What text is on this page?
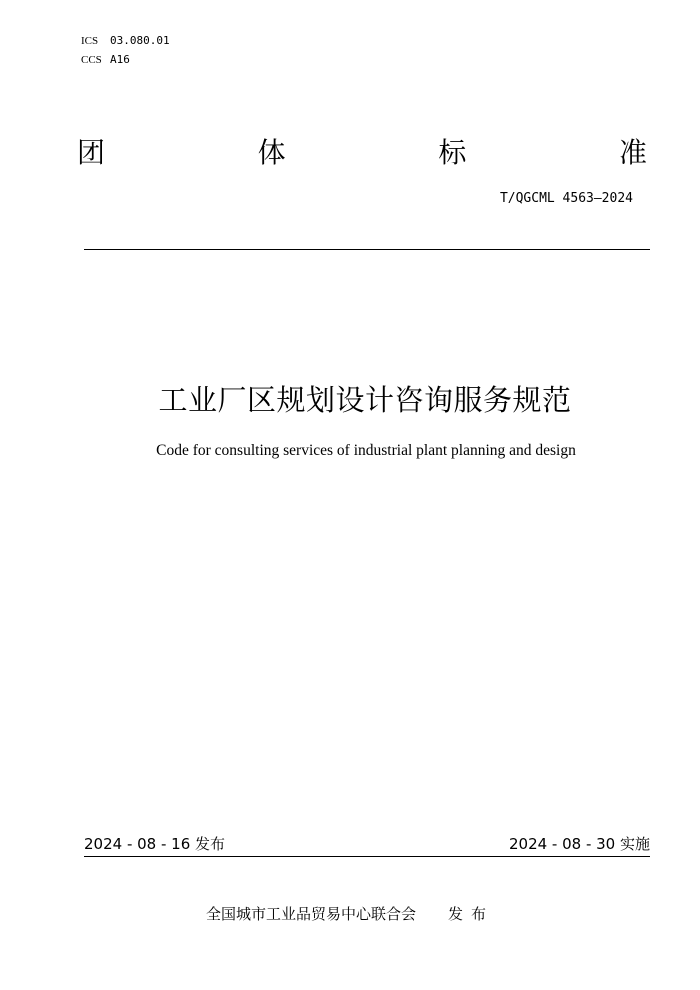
ICS 03.080.01
CCS A16
团	体	标	准
T/QGCML 4563—2024
工业厂区规划设计咨询服务规范
Code for consulting services of industrial plant planning and design
2024 - 08 - 16 发布	2024 - 08 - 30 实施
全国城市工业品贸易中心联合会 发布
